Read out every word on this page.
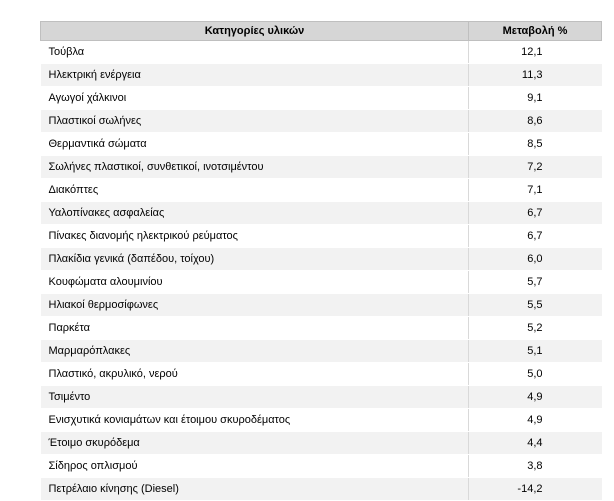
Κατηγορίες υλικών	Μεταβολή %
Τούβλα	12,1
Ηλεκτρική ενέργεια	11,3
Αγωγοί χάλκινοι	9,1
Πλαστικοί σωλήνες	8,6
Θερμαντικά σώματα	8,5
Σωλήνες πλαστικοί, συνθετικοί, ινοτσιμέντου	7,2
Διακόπτες	7,1
Υαλοπίνακες ασφαλείας	6,7
Πίνακες διανομής ηλεκτρικού ρεύματος	6,7
Πλακίδια γενικά (δαπέδου, τοίχου)	6,0
Κουφώματα αλουμινίου	5,7
Ηλιακοί θερμοσίφωνες	5,5
Παρκέτα	5,2
Μαρμαρόπλακες	5,1
Πλαστικό, ακρυλικό, νερού	5,0
Τσιμέντο	4,9
Ενισχυτικά κονιαμάτων και έτοιμου σκυροδέματος	4,9
Έτοιμο σκυρόδεμα	4,4
Σίδηρος οπλισμού	3,8
Πετρέλαιο κίνησης (Diesel)	-14,2
